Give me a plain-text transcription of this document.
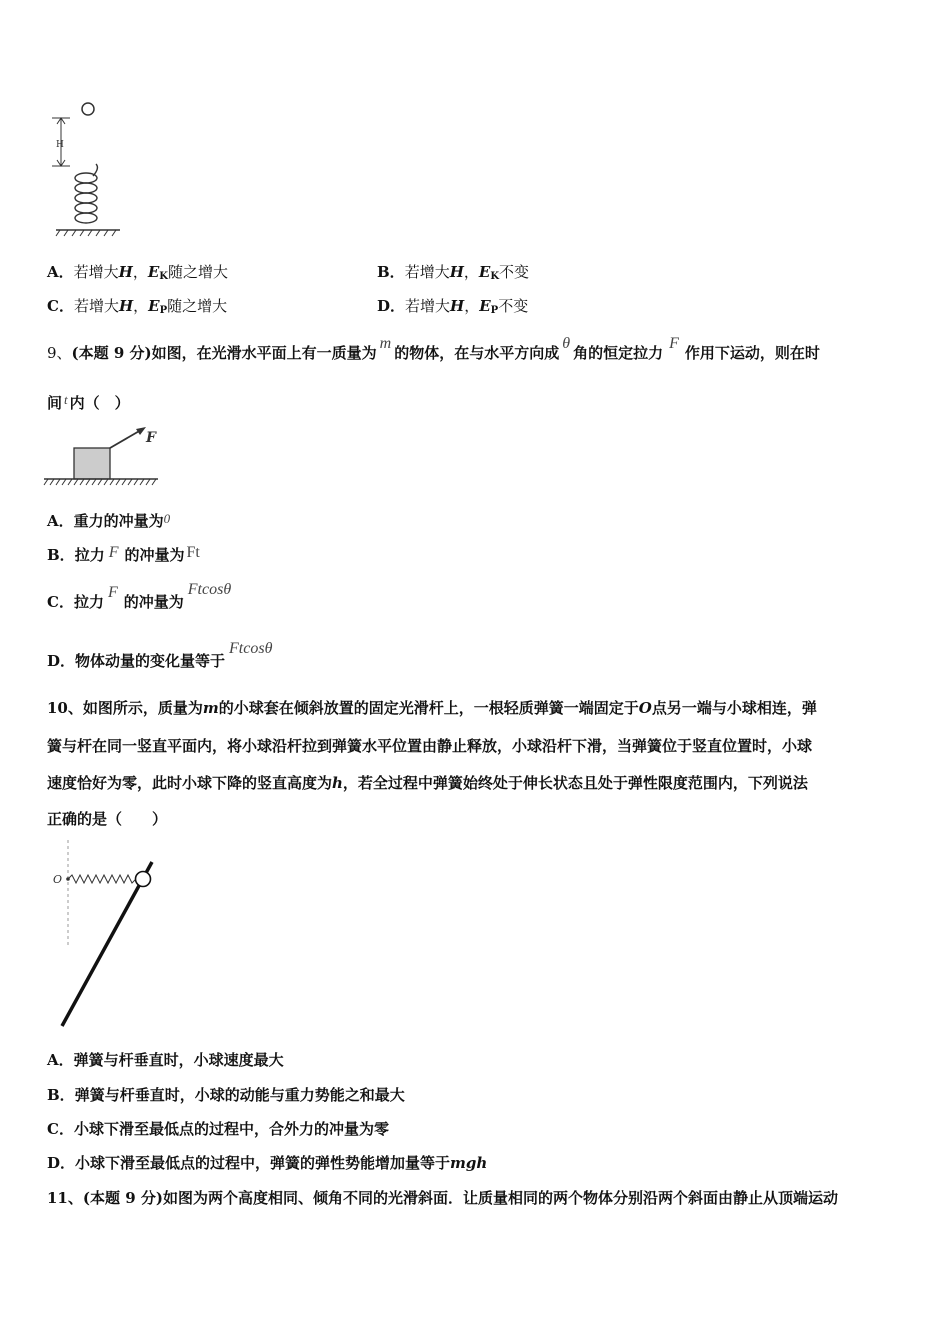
H
A．若增大H，$E_K$随之增大	B．若增大H，$E_K$不变
C．若增大H，$E_P$随之增大	D．若增大H，$E_P$不变
9、(本题 9 分)如图，在光滑水平面上有一质量为m的物体，在与水平方向成θ角的恒定拉力F作用下运动，则在时
间 t 内（　）
F
A．重力的冲量为0
B．拉力 F 的冲量为 Ft
C．拉力F的冲量为Ftcosθ
D．物体动量的变化量等于Ftcosθ
10、如图所示，质量为m的小球套在倾斜放置的固定光滑杆上，一根轻质弹簧一端固定于O点另一端与小球相连，弹
簧与杆在同一竖直平面内，将小球沿杆拉到弹簧水平位置由静止释放，小球沿杆下滑，当弹簧位于竖直位置时，小球
速度恰好为零，此时小球下降的竖直高度为h，若全过程中弹簧始终处于伸长状态且处于弹性限度范围内，下列说法
正确的是（　　）
O
A．弹簧与杆垂直时，小球速度最大
B．弹簧与杆垂直时，小球的动能与重力势能之和最大
C．小球下滑至最低点的过程中，合外力的冲量为零
D．小球下滑至最低点的过程中，弹簧的弹性势能增加量等于mgh
11、(本题 9 分)如图为两个高度相同、倾角不同的光滑斜面．让质量相同的两个物体分别沿两个斜面由静止从顶端运动
